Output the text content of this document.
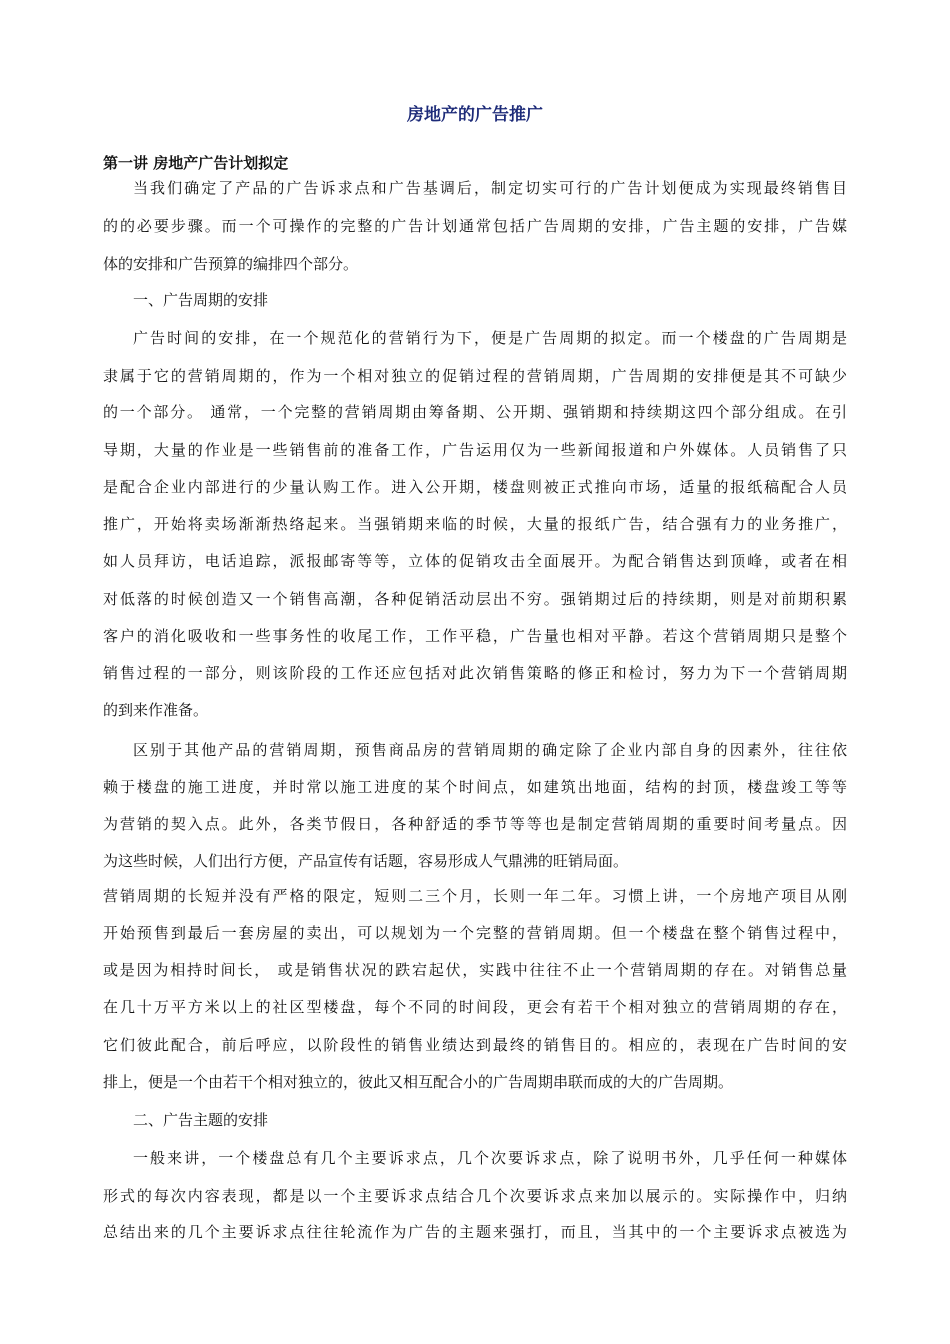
房地产的广告推广
第一讲 房地产广告计划拟定
当我们确定了产品的广告诉求点和广告基调后，制定切实可行的广告计划便成为实现最终销售目
的的必要步骤。而一个可操作的完整的广告计划通常包括广告周期的安排，广告主题的安排，广告媒
体的安排和广告预算的编排四个部分。
一、广告周期的安排
广告时间的安排，在一个规范化的营销行为下，便是广告周期的拟定。而一个楼盘的广告周期是
隶属于它的营销周期的，作为一个相对独立的促销过程的营销周期，广告周期的安排便是其不可缺少
的一个部分。 通常，一个完整的营销周期由筹备期、公开期、强销期和持续期这四个部分组成。在引
导期，大量的作业是一些销售前的准备工作，广告运用仅为一些新闻报道和户外媒体。人员销售了只
是配合企业内部进行的少量认购工作。进入公开期，楼盘则被正式推向市场，适量的报纸稿配合人员
推广，开始将卖场渐渐热络起来。当强销期来临的时候，大量的报纸广告，结合强有力的业务推广，
如人员拜访，电话追踪，派报邮寄等等，立体的促销攻击全面展开。为配合销售达到顶峰，或者在相
对低落的时候创造又一个销售高潮，各种促销活动层出不穷。强销期过后的持续期，则是对前期积累
客户的消化吸收和一些事务性的收尾工作，工作平稳，广告量也相对平静。若这个营销周期只是整个
销售过程的一部分，则该阶段的工作还应包括对此次销售策略的修正和检讨，努力为下一个营销周期
的到来作准备。
区别于其他产品的营销周期，预售商品房的营销周期的确定除了企业内部自身的因素外，往往依
赖于楼盘的施工进度，并时常以施工进度的某个时间点，如建筑出地面，结构的封顶，楼盘竣工等等
为营销的契入点。此外，各类节假日，各种舒适的季节等等也是制定营销周期的重要时间考量点。因
为这些时候，人们出行方便，产品宣传有话题，容易形成人气鼎沸的旺销局面。
营销周期的长短并没有严格的限定，短则二三个月，长则一年二年。习惯上讲，一个房地产项目从刚
开始预售到最后一套房屋的卖出，可以规划为一个完整的营销周期。但一个楼盘在整个销售过程中，
或是因为相持时间长， 或是销售状况的跌宕起伏，实践中往往不止一个营销周期的存在。对销售总量
在几十万平方米以上的社区型楼盘，每个不同的时间段，更会有若干个相对独立的营销周期的存在，
它们彼此配合，前后呼应，以阶段性的销售业绩达到最终的销售目的。相应的，表现在广告时间的安
排上，便是一个由若干个相对独立的，彼此又相互配合小的广告周期串联而成的大的广告周期。
二、广告主题的安排
一般来讲，一个楼盘总有几个主要诉求点，几个次要诉求点，除了说明书外，几乎任何一种媒体
形式的每次内容表现，都是以一个主要诉求点结合几个次要诉求点来加以展示的。实际操作中，归纳
总结出来的几个主要诉求点往往轮流作为广告的主题来强打，而且，当其中的一个主要诉求点被选为
